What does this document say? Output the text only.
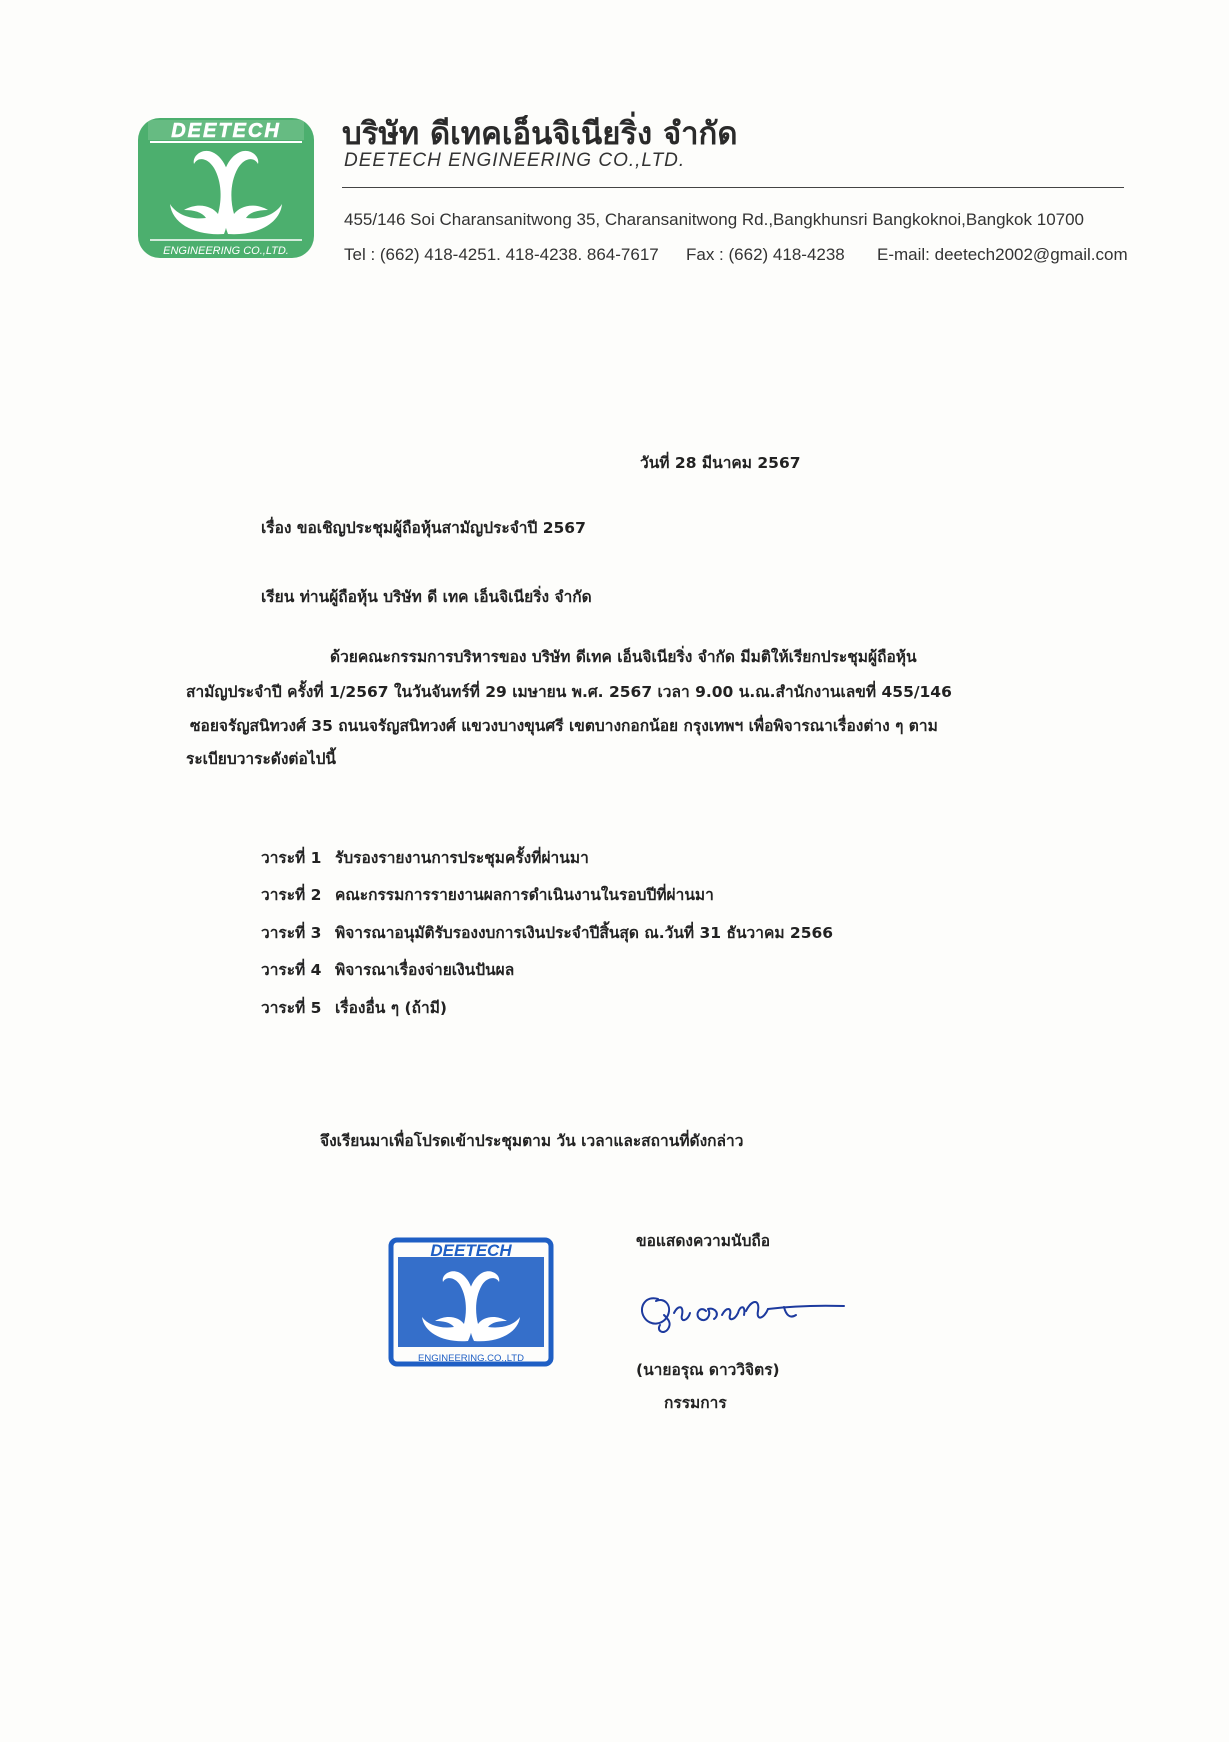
DEETECH
ENGINEERING CO.,LTD.
บริษัท ดีเทคเอ็นจิเนียริ่ง จำกัด
DEETECH ENGINEERING CO.,LTD.
455/146 Soi Charansanitwong 35, Charansanitwong Rd.,Bangkhunsri Bangkoknoi,Bangkok 10700
Tel : (662) 418-4251. 418-4238. 864-7617 Fax : (662) 418-4238 E-mail: deetech2002@gmail.com
วันที่ 28 มีนาคม 2567
เรื่อง ขอเชิญประชุมผู้ถือหุ้นสามัญประจำปี 2567
เรียน ท่านผู้ถือหุ้น บริษัท ดี เทค เอ็นจิเนียริ่ง จำกัด
ด้วยคณะกรรมการบริหารของ บริษัท ดีเทค เอ็นจิเนียริ่ง จำกัด มีมติให้เรียกประชุมผู้ถือหุ้น
สามัญประจำปี ครั้งที่ 1/2567 ในวันจันทร์ที่ 29 เมษายน พ.ศ. 2567 เวลา 9.00 น.ณ.สำนักงานเลขที่ 455/146
ซอยจรัญสนิทวงศ์ 35 ถนนจรัญสนิทวงศ์ แขวงบางขุนศรี เขตบางกอกน้อย กรุงเทพฯ เพื่อพิจารณาเรื่องต่าง ๆ ตาม
ระเบียบวาระดังต่อไปนี้
วาระที่ 1 รับรองรายงานการประชุมครั้งที่ผ่านมา
วาระที่ 2 คณะกรรมการรายงานผลการดำเนินงานในรอบปีที่ผ่านมา
วาระที่ 3 พิจารณาอนุมัติรับรองงบการเงินประจำปีสิ้นสุด ณ.วันที่ 31 ธันวาคม 2566
วาระที่ 4 พิจารณาเรื่องจ่ายเงินปันผล
วาระที่ 5 เรื่องอื่น ๆ (ถ้ามี)
จึงเรียนมาเพื่อโปรดเข้าประชุมตาม วัน เวลาและสถานที่ดังกล่าว
ขอแสดงความนับถือ
DEETECH
ENGINEERING.CO.,LTD
(นายอรุณ ดาววิจิตร)
กรรมการ
